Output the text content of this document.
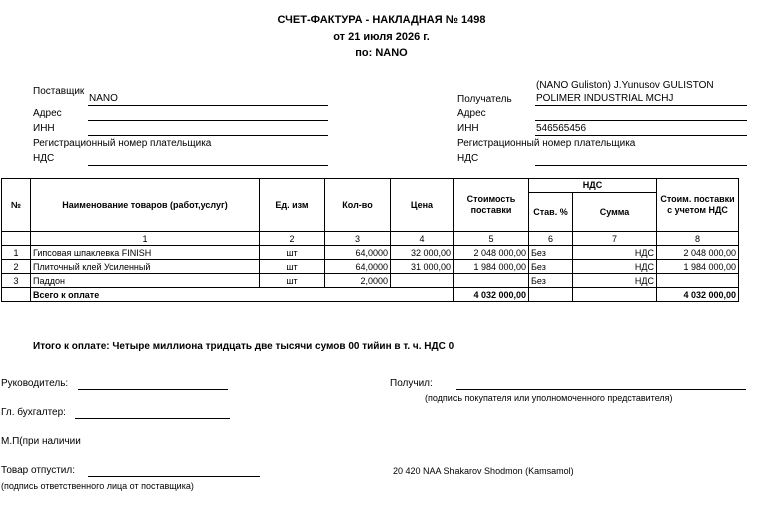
СЧЕТ-ФАКТУРА - НАКЛАДНАЯ № 1498
от 21 июля 2026 г.
по: NANO
Поставщик
NANO
Адрес
ИНН
Регистрационный номер плательщика
НДС
(NANO Guliston) J.Yunusov GULISTON
Получатель POLIMER INDUSTRIAL MCHJ
Адрес
ИНН	546565456
Регистрационный номер плательщика
НДС
№	Наименование товаров (работ,услуг)	Ед. изм	Кол-во	Цена	Стоимость поставки	НДС		Стоим. поставки с учетом НДС
						Став. %	Сумма	
	1	2	3	4	5	6	7	8
1	Гипсовая шпаклевка FINISH	шт	64,0000	32 000,00	2 048 000,00	Без	НДС	2 048 000,00
2	Плиточный клей Усиленный	шт	64,0000	31 000,00	1 984 000,00	Без	НДС	1 984 000,00
3	Паддон	шт	2,0000			Без	НДС	
	Всего к оплате				4 032 000,00			4 032 000,00
Итого к оплате: Четыре миллиона тридцать две тысячи сумов 00 тийин в т. ч. НДС 0
Руководитель:	Получил:
(подпись покупателя или уполномоченного представителя)
Гл. бухгалтер:
М.П(при наличии
Товар отпустил:
(подпись ответственного лица от поставщика)
20 420 NAA Shakarov Shodmon (Kamsamol)
